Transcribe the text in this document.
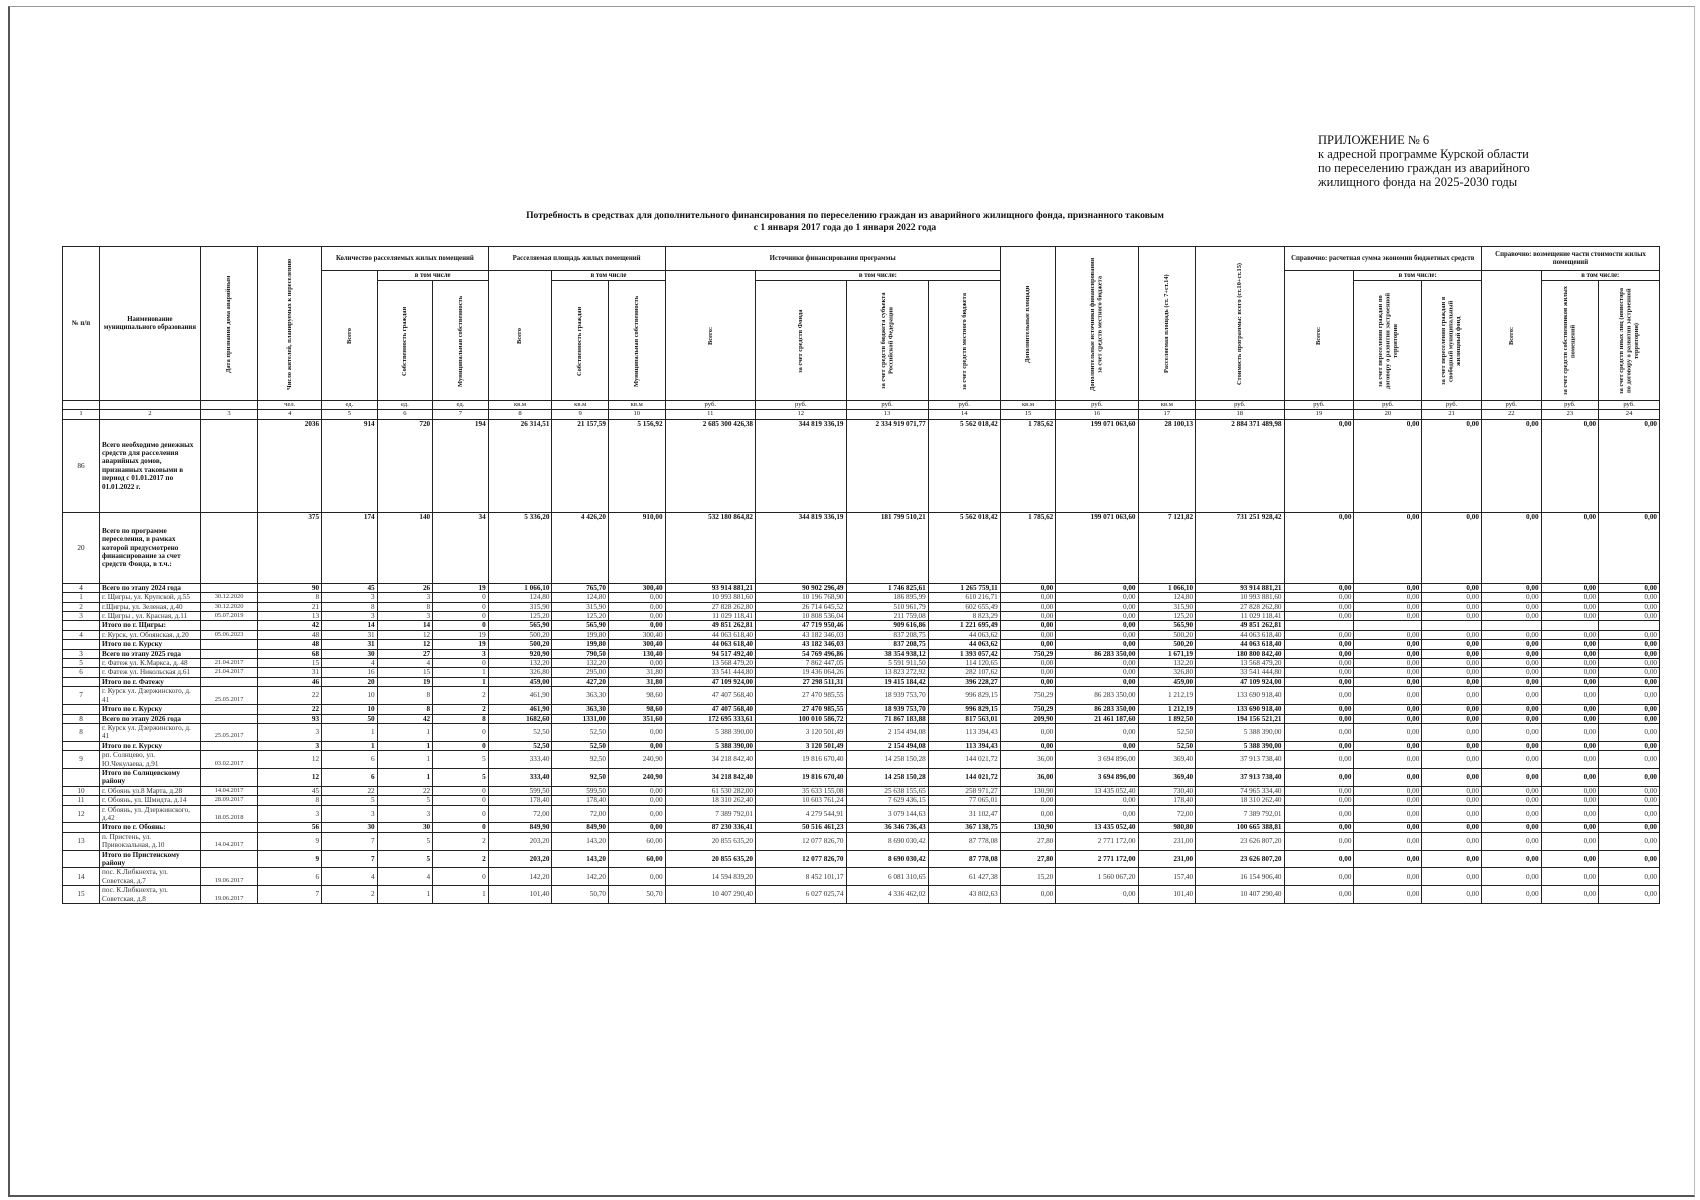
ПРИЛОЖЕНИЕ № 6
к адресной программе Курской области
по переселению граждан из аварийного
жилищного фонда на 2025-2030 годы
Потребность в средствах для дополнительного финансирования по переселению граждан из аварийного жилищного фонда, признанного таковым
с 1 января 2017 года до 1 января 2022 года
№ п/п	Наименование муниципального образования	Дата признания дома аварийным	Число жителей, планируемых к переселению	Количество расселяемых жилых помещений			Расселяемая площадь жилых помещений			Источники финансирования программы				Дополнительные площади	Дополнительные источники финансирования за счет средств местного бюджета	Расселяемая площадь (ст. 7+ст.14)	Стоимость программы: всего (ст.10+ст.15)	Справочно: расчетная сумма экономии бюджетных средств			Справочно: возмещение части стоимости жилых помещений		

				Всего	в том числе		Всего	в том числе		Всего:	в том числе:							Всего:	в том числе:		Всего:	в том числе:	

					Собственность граждан	Муниципальная собственность		Собственность граждан	Муниципальная собственность		за счет средств Фонда	за счет средств бюджета субъекта Российской Федерации	за счет средств местного бюджета						за счет переселения граждан по договору о развитии застроенной территории	за счет переселения граждан в свободный муниципальный жилищный фонд		за счет средств собственников жилых помещений	за счет средств иных лиц (инвестора по договору о развитии застроенной территории)

			чел.	ед.	ед.	ед.	кв.м	кв.м	кв.м	руб.	руб.	руб.	руб.	кв.м	руб.	кв.м	руб.	руб.	руб.	руб.	руб.	руб.	руб.
1	2	3	4	5	6	7	8	9	10	11	12	13	14	15	16	17	18	19	20	21	22	23	24
86	Всего необходимо денежных средств для расселения аварийных домов, признанных таковыми в период с 01.01.2017 по 01.01.2022 г.		2036	914	720	194	26 314,51	21 157,59	5 156,92	2 685 300 426,38	344 819 336,19	2 334 919 071,77	5 562 018,42	1 785,62	199 071 063,60	28 100,13	2 884 371 489,98	0,00	0,00	0,00	0,00	0,00	0,00
20	Всего по программе переселения, в рамках которой предусмотрено финансирование за счет средств Фонда, в т.ч.:		375	174	140	34	5 336,20	4 426,20	910,00	532 180 864,82	344 819 336,19	181 799 510,21	5 562 018,42	1 785,62	199 071 063,60	7 121,82	731 251 928,42	0,00	0,00	0,00	0,00	0,00	0,00
4	Всего по этапу 2024 года		90	45	26	19	1 066,10	765,70	300,40	93 914 881,21	90 902 296,49	1 746 825,61	1 265 759,11	0,00	0,00	1 066,10	93 914 881,21	0,00	0,00	0,00	0,00	0,00	0,00
1	г. Щигры, ул. Крупской, д.55	30.12.2020	8	3	3	0	124,80	124,80	0,00	10 993 881,60	10 196 768,90	186 895,99	610 216,71	0,00	0,00	124,80	10 993 881,60	0,00	0,00	0,00	0,00	0,00	0,00
2	г.Щигры, ул. Зеленая, д.40	30.12.2020	21	8	8	0	315,90	315,90	0,00	27 828 262,80	26 714 645,52	510 961,79	602 655,49	0,00	0,00	315,90	27 828 262,80	0,00	0,00	0,00	0,00	0,00	0,00
3	г. Щигры , ул. Красная, д.11	05.07.2019	13	3	3	0	125,20	125,20	0,00	11 029 118,41	10 808 536,04	211 759,08	8 823,29	0,00	0,00	125,20	11 029 118,41	0,00	0,00	0,00	0,00	0,00	0,00
	Итого по г. Щигры:		42	14	14	0	565,90	565,90	0,00	49 851 262,81	47 719 950,46	909 616,86	1 221 695,49	0,00	0,00	565,90	49 851 262,81						
4	г. Курск, ул. Обоянская, д.20	05.06.2023	48	31	12	19	500,20	199,80	300,40	44 063 618,40	43 182 346,03	837 208,75	44 063,62	0,00	0,00	500,20	44 063 618,40	0,00	0,00	0,00	0,00	0,00	0,00
	Итого по г. Курску		48	31	12	19	500,20	199,80	300,40	44 063 618,40	43 182 346,03	837 208,75	44 063,62	0,00	0,00	500,20	44 063 618,40	0,00	0,00	0,00	0,00	0,00	0,00
3	Всего по этапу 2025 года		68	30	27	3	920,90	790,50	130,40	94 517 492,40	54 769 496,86	38 354 938,12	1 393 057,42	750,29	86 283 350,00	1 671,19	180 800 842,40	0,00	0,00	0,00	0,00	0,00	0,00
5	г. Фатеж ул. К.Маркса, д. 48	21.04.2017	15	4	4	0	132,20	132,20	0,00	13 568 479,20	7 862 447,05	5 591 911,50	114 120,65	0,00	0,00	132,20	13 568 479,20	0,00	0,00	0,00	0,00	0,00	0,00
6	г. Фатеж ул. Никольская д.61	21.04.2017	31	16	15	1	326,80	295,00	31,80	33 541 444,80	19 436 064,26	13 823 272,92	282 107,62	0,00	0,00	326,80	33 541 444,80	0,00	0,00	0,00	0,00	0,00	0,00
	Итого по г. Фатежу		46	20	19	1	459,00	427,20	31,80	47 109 924,00	27 298 511,31	19 415 184,42	396 228,27	0,00	0,00	459,00	47 109 924,00	0,00	0,00	0,00	0,00	0,00	0,00
7	г. Курск ул. Дзержинского, д. 41	25.05.2017	22	10	8	2	461,90	363,30	98,60	47 407 568,40	27 470 985,55	18 939 753,70	996 829,15	750,29	86 283 350,00	1 212,19	133 690 918,40	0,00	0,00	0,00	0,00	0,00	0,00
	Итого по г. Курску		22	10	8	2	461,90	363,30	98,60	47 407 568,40	27 470 985,55	18 939 753,70	996 829,15	750,29	86 283 350,00	1 212,19	133 690 918,40	0,00	0,00	0,00	0,00	0,00	0,00
8	Всего по этапу 2026 года		93	50	42	8	1682,60	1331,00	351,60	172 695 333,61	100 010 586,72	71 867 183,88	817 563,01	209,90	21 461 187,60	1 892,50	194 156 521,21	0,00	0,00	0,00	0,00	0,00	0,00
8	г. Курск ул. Дзержинского, д. 41	25.05.2017	3	1	1	0	52,50	52,50	0,00	5 388 390,00	3 120 501,49	2 154 494,08	113 394,43	0,00	0,00	52,50	5 388 390,00	0,00	0,00	0,00	0,00	0,00	0,00
	Итого по г. Курску		3	1	1	0	52,50	52,50	0,00	5 388 390,00	3 120 501,49	2 154 494,08	113 394,43	0,00	0,00	52,50	5 388 390,00	0,00	0,00	0,00	0,00	0,00	0,00
9	рп. Солнцево, ул. Ю.Чекулаева, д.91	03.02.2017	12	6	1	5	333,40	92,50	240,90	34 218 842,40	19 816 670,40	14 258 150,28	144 021,72	36,00	3 694 896,00	369,40	37 913 738,40	0,00	0,00	0,00	0,00	0,00	0,00
	Итого по Солнцевскому району		12	6	1	5	333,40	92,50	240,90	34 218 842,40	19 816 670,40	14 258 150,28	144 021,72	36,00	3 694 896,00	369,40	37 913 738,40	0,00	0,00	0,00	0,00	0,00	0,00
10	г. Обоянь ул.8 Марта, д.28	14.04.2017	45	22	22	0	599,50	599,50	0,00	61 530 282,00	35 633 155,08	25 638 155,65	258 971,27	130,90	13 435 052,40	730,40	74 965 334,40	0,00	0,00	0,00	0,00	0,00	0,00
11	г. Обоянь, ул. Шмидта, д.14	28.09.2017	8	5	5	0	178,40	178,40	0,00	18 310 262,40	10 603 761,24	7 629 436,15	77 065,01	0,00	0,00	178,40	18 310 262,40	0,00	0,00	0,00	0,00	0,00	0,00
12	г. Обоянь, ул. Дзержинского, д.42	18.05.2018	3	3	3	0	72,00	72,00	0,00	7 389 792,01	4 279 544,91	3 079 144,63	31 102,47	0,00	0,00	72,00	7 389 792,01	0,00	0,00	0,00	0,00	0,00	0,00
	Итого по г. Обоянь:		56	30	30	0	849,90	849,90	0,00	87 230 336,41	50 516 461,23	36 346 736,43	367 138,75	130,90	13 435 052,40	980,80	100 665 388,81	0,00	0,00	0,00	0,00	0,00	0,00
13	п. Пристень, ул. Привокзальная, д.10	14.04.2017	9	7	5	2	203,20	143,20	60,00	20 855 635,20	12 077 826,70	8 690 030,42	87 778,08	27,80	2 771 172,00	231,00	23 626 807,20	0,00	0,00	0,00	0,00	0,00	0,00
	Итого по Пристенскому району		9	7	5	2	203,20	143,20	60,00	20 855 635,20	12 077 826,70	8 690 030,42	87 778,08	27,80	2 771 172,00	231,00	23 626 807,20	0,00	0,00	0,00	0,00	0,00	0,00
14	пос. К.Либкнехта, ул. Советская, д.7	19.06.2017	6	4	4	0	142,20	142,20	0,00	14 594 839,20	8 452 101,17	6 081 310,65	61 427,38	15,20	1 560 067,20	157,40	16 154 906,40	0,00	0,00	0,00	0,00	0,00	0,00
15	пос. К.Либкнехта, ул. Советская, д.8	19.06.2017	7	2	1	1	101,40	50,70	50,70	10 407 290,40	6 027 025,74	4 336 462,02	43 802,63	0,00	0,00	101,40	10 407 290,40	0,00	0,00	0,00	0,00	0,00	0,00
